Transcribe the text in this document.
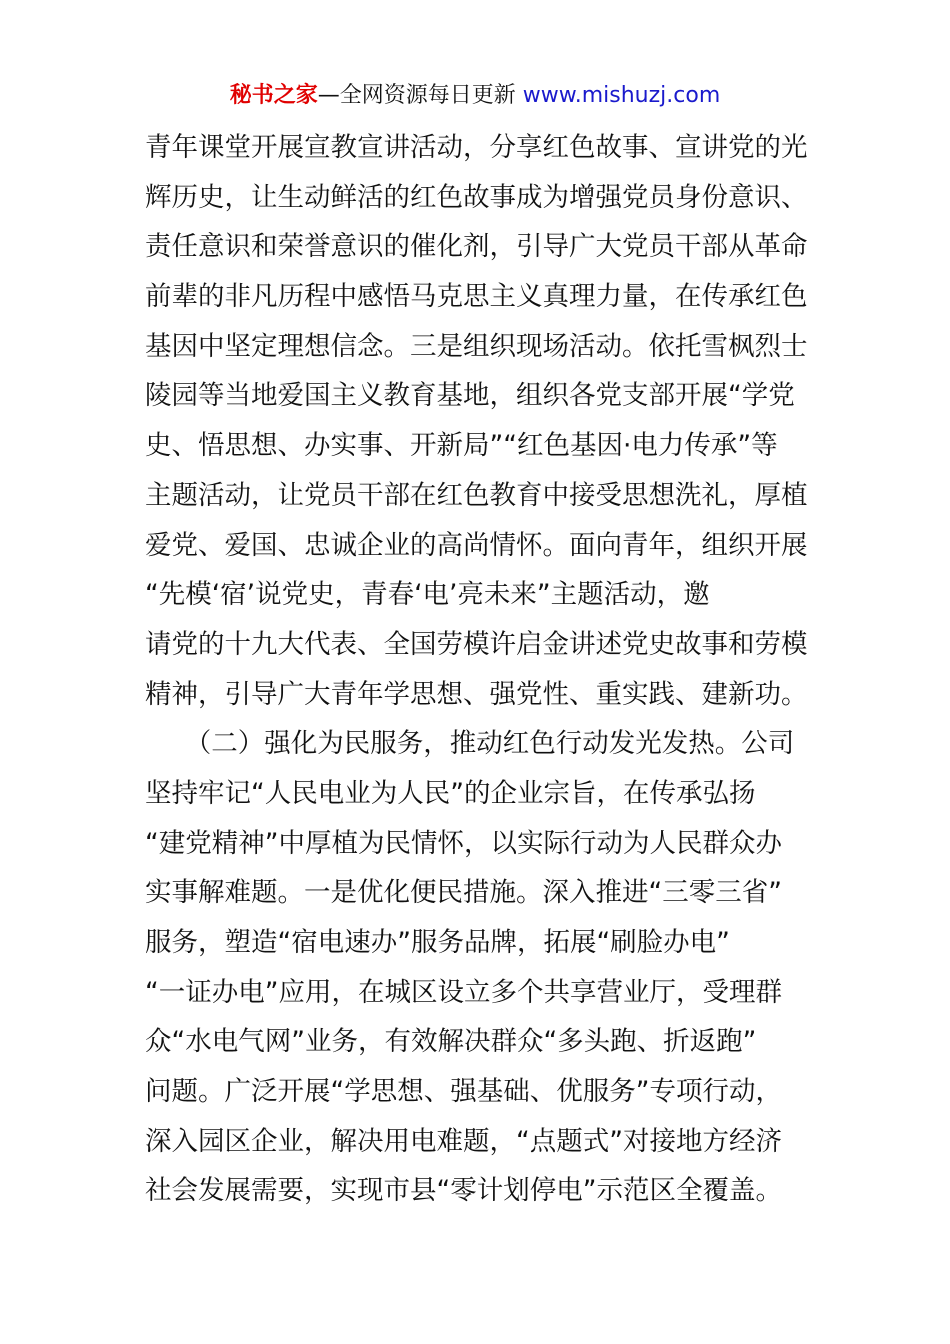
秘书之家—全网资源每日更新 www.mishuzj.com
青年课堂开展宣教宣讲活动，分享红色故事、宣讲党的光
辉历史，让生动鲜活的红色故事成为增强党员身份意识、
责任意识和荣誉意识的催化剂，引导广大党员干部从革命
前辈的非凡历程中感悟马克思主义真理力量，在传承红色
基因中坚定理想信念。三是组织现场活动。依托雪枫烈士
陵园等当地爱国主义教育基地，组织各党支部开展“学党
史、悟思想、办实事、开新局”“红色基因·电力传承”等
主题活动，让党员干部在红色教育中接受思想洗礼，厚植
爱党、爱国、忠诚企业的高尚情怀。面向青年，组织开展
“先模‘宿’说党史，青春‘电’亮未来”主题活动，邀
请党的十九大代表、全国劳模许启金讲述党史故事和劳模
精神，引导广大青年学思想、强党性、重实践、建新功。
　　（二）强化为民服务，推动红色行动发光发热。公司
坚持牢记“人民电业为人民”的企业宗旨，在传承弘扬
“建党精神”中厚植为民情怀，以实际行动为人民群众办
实事解难题。一是优化便民措施。深入推进“三零三省”
服务，塑造“宿电速办”服务品牌，拓展“刷脸办电”
“一证办电”应用，在城区设立多个共享营业厅，受理群
众“水电气网”业务，有效解决群众“多头跑、折返跑”
问题。广泛开展“学思想、强基础、优服务”专项行动，
深入园区企业，解决用电难题，“点题式”对接地方经济
社会发展需要，实现市县“零计划停电”示范区全覆盖。
